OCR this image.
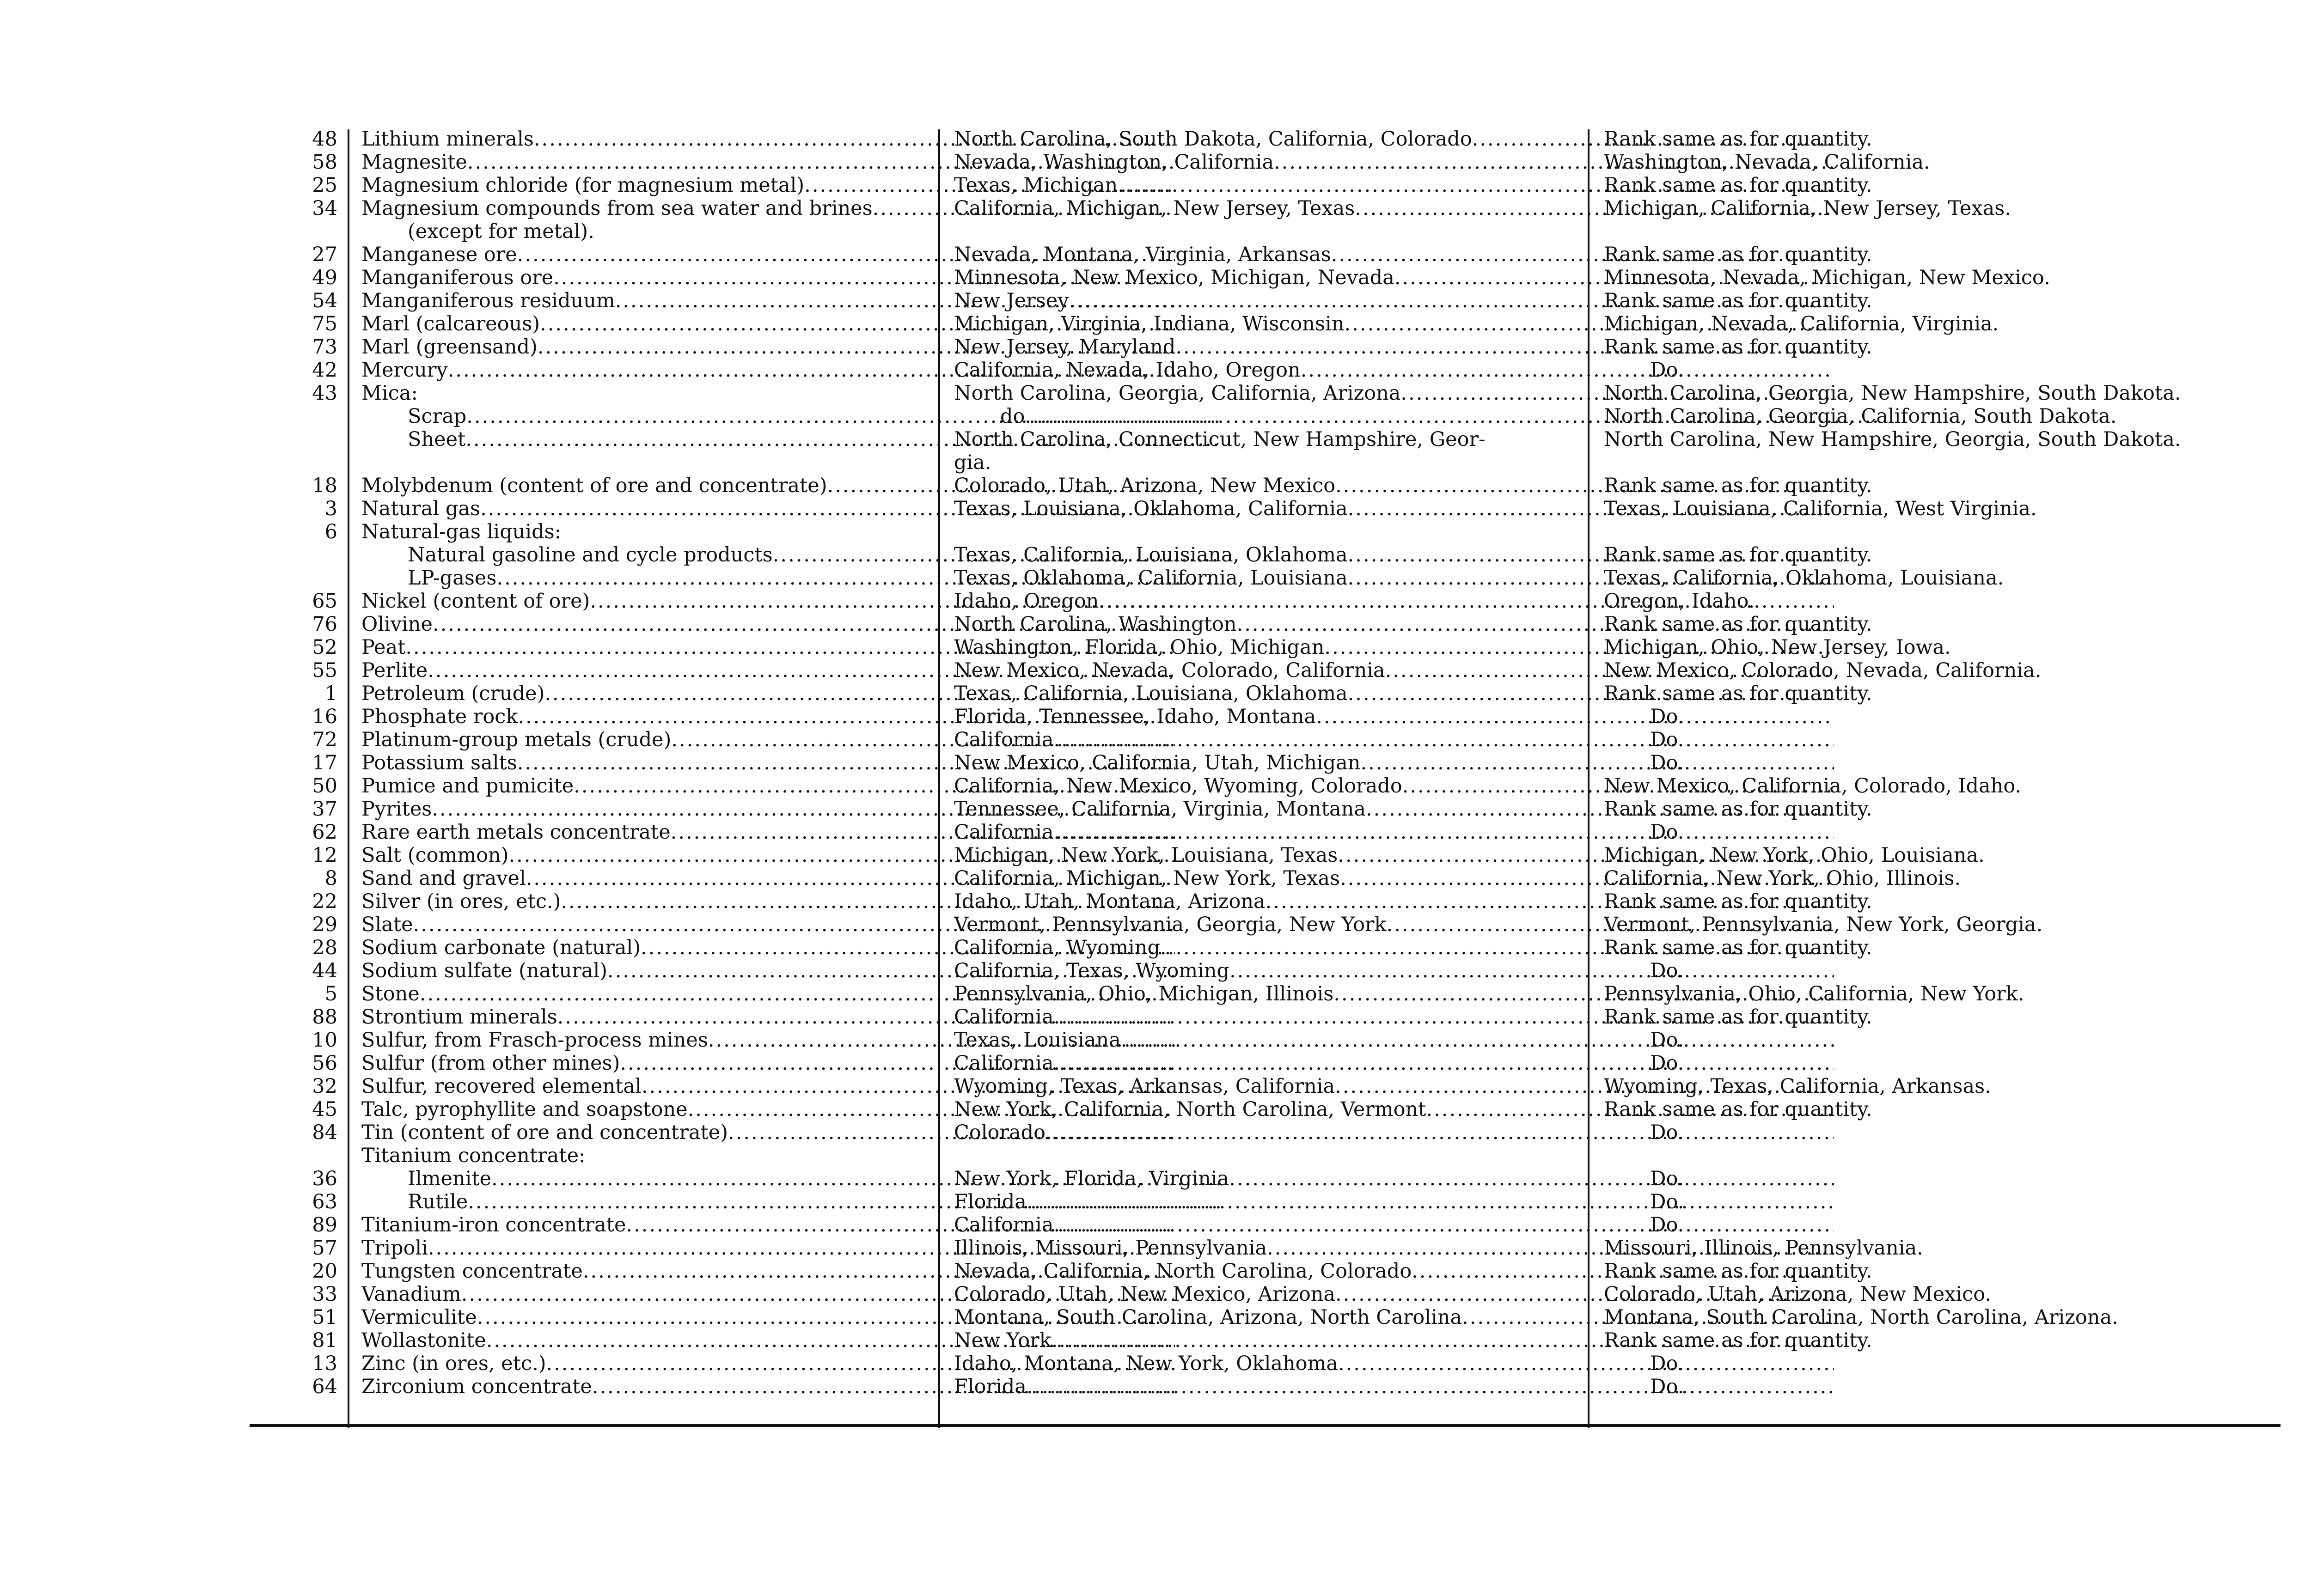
48 Lithium minerals .....	North Carolina, South Dakota, California, Colorado .....	Rank same as for quantity.
58 Magnesite .....	Nevada, Washington, California .....	Washington, Nevada, California.
25 Magnesium chloride (for magnesium metal) .....	Texas, Michigan .....	Rank same as for quantity.
34 Magnesium compounds from sea water and brines .....	California, Michigan, New Jersey, Texas .....	Michigan, California, New Jersey, Texas.
(except for metal).
27 Manganese ore .....	Nevada, Montana, Virginia, Arkansas .....	Rank same as for quantity.
49 Manganiferous ore .....	Minnesota, New Mexico, Michigan, Nevada .....	Minnesota, Nevada, Michigan, New Mexico.
54 Manganiferous residuum .....	New Jersey .....	Rank same as for quantity.
75 Marl (calcareous) .....	Michigan, Virginia, Indiana, Wisconsin .....	Michigan, Nevada, California, Virginia.
73 Marl (greensand) .....	New Jersey, Maryland .....	Rank same as for quantity.
42 Mercury .....	California, Nevada, Idaho, Oregon .....	Do.
43 Mica:	North Carolina, Georgia, California, Arizona .....	North Carolina, Georgia, New Hampshire, South Dakota.
Scrap .....	do .....	North Carolina, Georgia, California, South Dakota.
Sheet .....	North Carolina, Connecticut, New Hampshire, Geor-	North Carolina, New Hampshire, Georgia, South Dakota.
gia.
18 Molybdenum (content of ore and concentrate) .....	Colorado, Utah, Arizona, New Mexico .....	Rank same as for quantity.
3 Natural gas .....	Texas, Louisiana, Oklahoma, California .....	Texas, Louisiana, California, West Virginia.
6 Natural-gas liquids:
Natural gasoline and cycle products .....	Texas, California, Louisiana, Oklahoma .....	Rank same as for quantity.
LP-gases .....	Texas, Oklahoma, California, Louisiana .....	Texas, California, Oklahoma, Louisiana.
65 Nickel (content of ore) .....	Idaho, Oregon .....	Oregon, Idaho.
76 Olivine .....	North Carolina, Washington .....	Rank same as for quantity.
52 Peat .....	Washington, Florida, Ohio, Michigan .....	Michigan, Ohio, New Jersey, Iowa.
55 Perlite .....	New Mexico, Nevada, Colorado, California .....	New Mexico, Colorado, Nevada, California.
1 Petroleum (crude) .....	Texas, California, Louisiana, Oklahoma .....	Rank same as for quantity.
16 Phosphate rock .....	Florida, Tennessee, Idaho, Montana .....	Do.
72 Platinum-group metals (crude) .....	California .....	Do.
17 Potassium salts .....	New Mexico, California, Utah, Michigan .....	Do.
50 Pumice and pumicite .....	California, New Mexico, Wyoming, Colorado .....	New Mexico, California, Colorado, Idaho.
37 Pyrites .....	Tennessee, California, Virginia, Montana .....	Rank same as for quantity.
62 Rare earth metals concentrate .....	California .....	Do.
12 Salt (common) .....	Michigan, New York, Louisiana, Texas .....	Michigan, New York, Ohio, Louisiana.
8 Sand and gravel .....	California, Michigan, New York, Texas .....	California, New York, Ohio, Illinois.
22 Silver (in ores, etc.) .....	Idaho, Utah, Montana, Arizona .....	Rank same as for quantity.
29 Slate .....	Vermont, Pennsylvania, Georgia, New York .....	Vermont, Pennsylvania, New York, Georgia.
28 Sodium carbonate (natural) .....	California, Wyoming .....	Rank same as for quantity.
44 Sodium sulfate (natural) .....	California, Texas, Wyoming .....	Do.
5 Stone .....	Pennsylvania, Ohio, Michigan, Illinois .....	Pennsylvania, Ohio, California, New York.
88 Strontium minerals .....	California .....	Rank same as for quantity.
10 Sulfur, from Frasch-process mines .....	Texas, Louisiana .....	Do.
56 Sulfur (from other mines) .....	California .....	Do.
32 Sulfur, recovered elemental .....	Wyoming, Texas, Arkansas, California .....	Wyoming, Texas, California, Arkansas.
45 Talc, pyrophyllite and soapstone .....	New York, California, North Carolina, Vermont .....	Rank same as for quantity.
84 Tin (content of ore and concentrate) .....	Colorado .....	Do.
Titanium concentrate:
36	Ilmenite .....	New York, Florida, Virginia .....	Do.
63	Rutile .....	Florida .....	Do.
89 Titanium-iron concentrate .....	California .....	Do.
57 Tripoli .....	Illinois, Missouri, Pennsylvania .....	Missouri, Illinois, Pennsylvania.
20 Tungsten concentrate .....	Nevada, California, North Carolina, Colorado .....	Rank same as for quantity.
33 Vanadium .....	Colorado, Utah, New Mexico, Arizona .....	Colorado, Utah, Arizona, New Mexico.
51 Vermiculite .....	Montana, South Carolina, Arizona, North Carolina .....	Montana, South Carolina, North Carolina, Arizona.
81 Wollastonite .....	New York .....	Rank same as for quantity.
13 Zinc (in ores, etc.) .....	Idaho, Montana, New York, Oklahoma .....	Do.
64 Zirconium concentrate .....	Florida .....	Do.
